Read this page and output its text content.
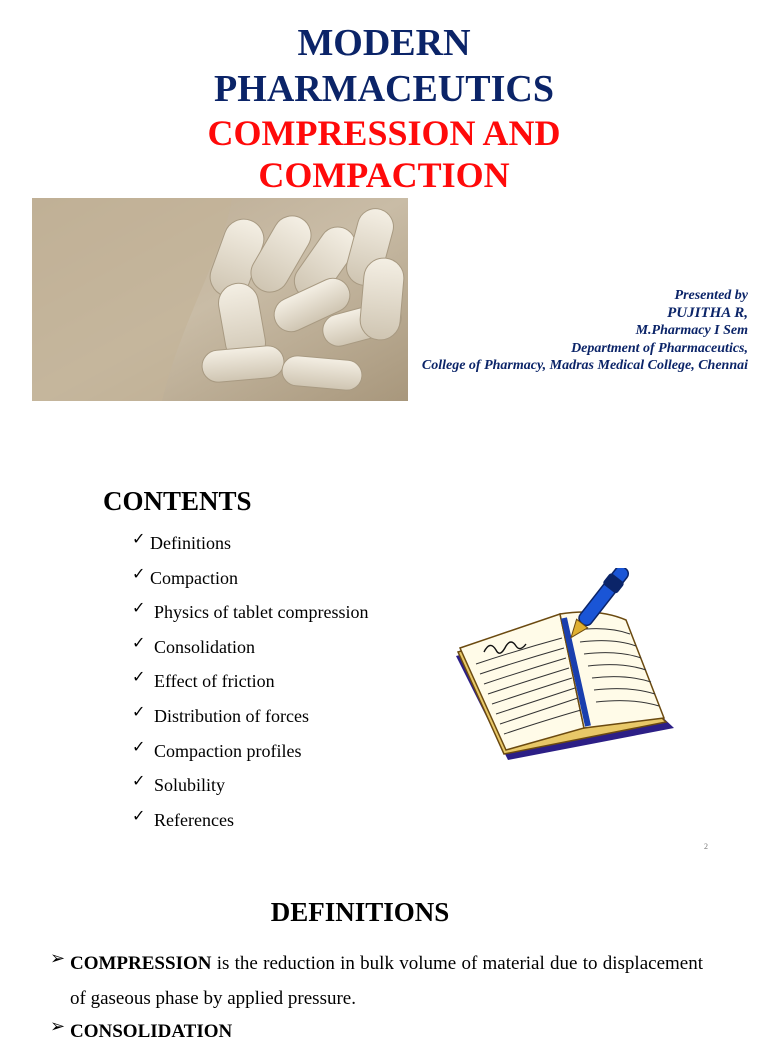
MODERN
PHARMACEUTICS
COMPRESSION AND
COMPACTION
Presented by
PUJITHA R,
M.Pharmacy I Sem
Department of Pharmaceutics,
College of Pharmacy, Madras Medical College, Chennai
CONTENTS
✓ Definitions
✓ Compaction
✓ Physics of tablet compression
✓ Consolidation
✓ Effect of friction
✓ Distribution of forces
✓ Compaction profiles
✓ Solubility
✓ References
2
DEFINITIONS
➢ COMPRESSION is the reduction in bulk volume of material due to displacement of gaseous phase by applied pressure.
➢ CONSOLIDATION
